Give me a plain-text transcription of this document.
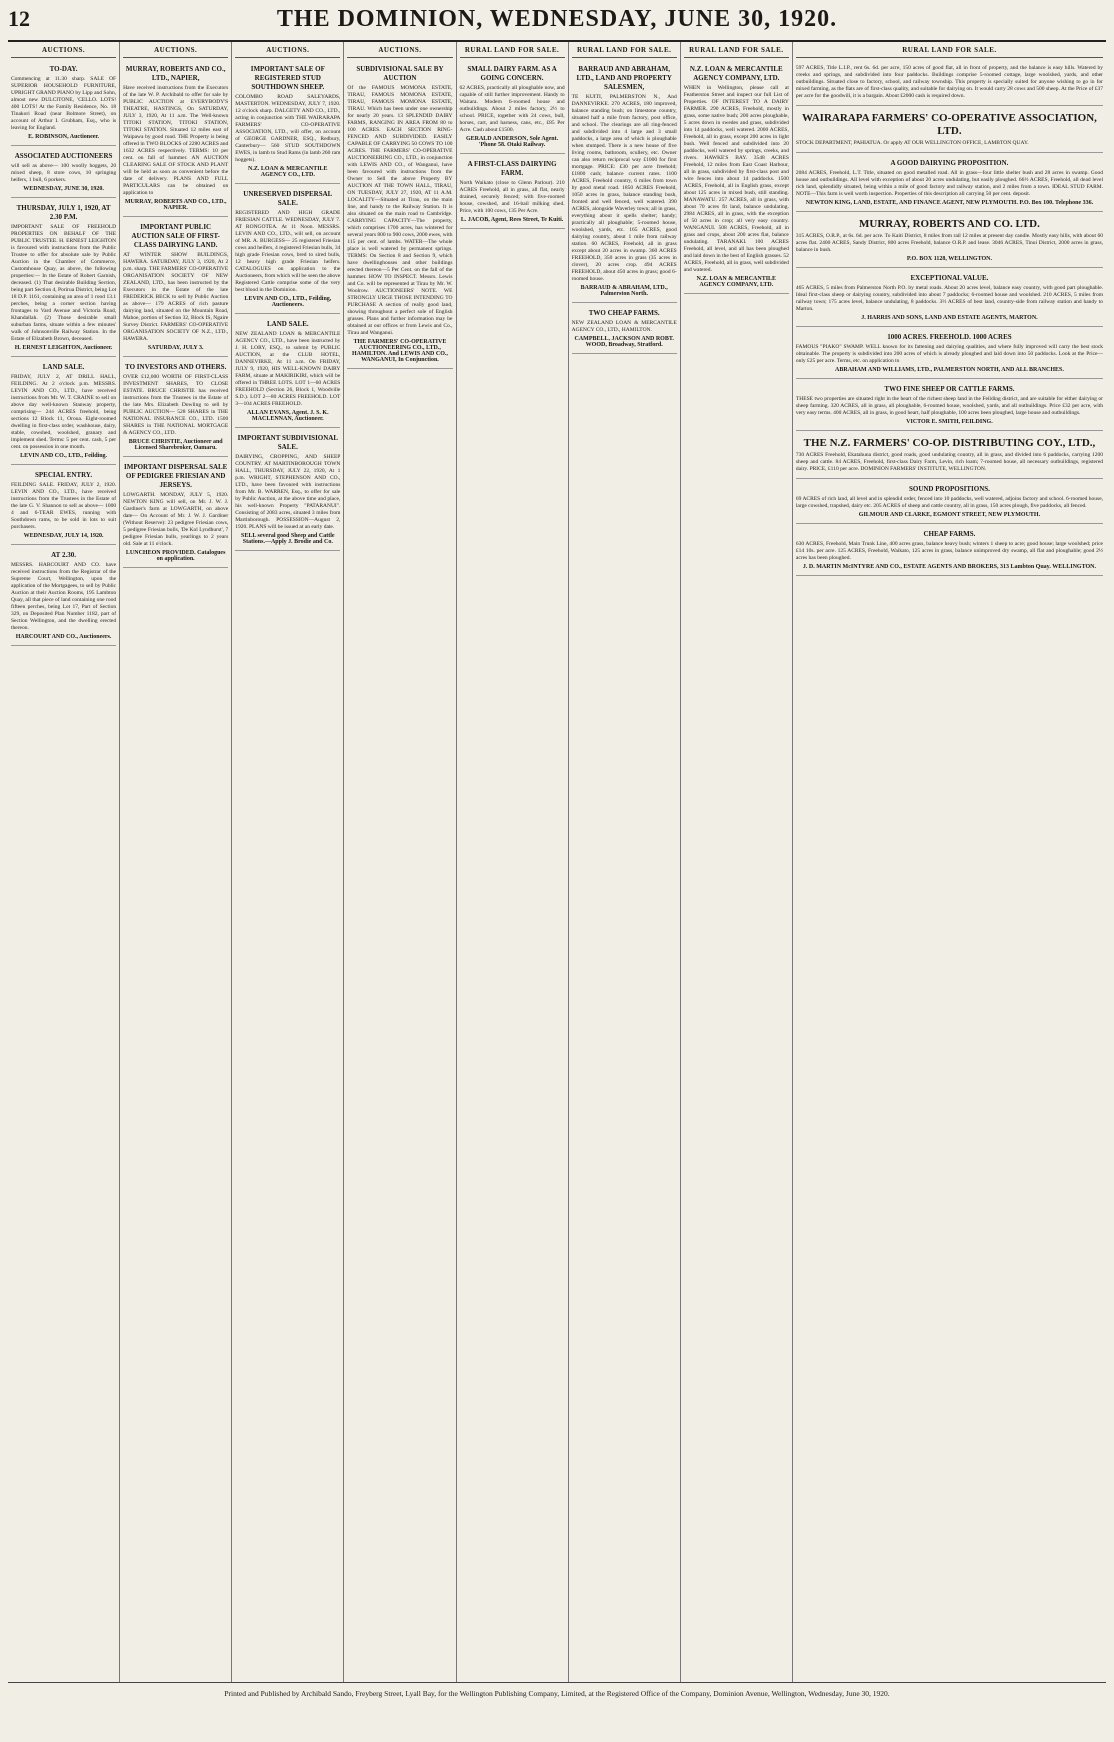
12	THE DOMINION, WEDNESDAY, JUNE 30, 1920.
AUCTIONS.
TO-DAY.
Commencing at 11.30 sharp. SALE OF SUPERIOR HOUSEHOLD FURNITURE, UPRIGHT GRAND PIANO by Lipp and Sohn, almost new DULCITONE, 'CELLO. LOTS! 400 LOTS! At the Family Residence, No. 18 Tinakori Road (near Bolmore Street), on account of Arthur I. Grubham, Esq., who is leaving for England.
E. ROBINSON, Auctioneer.
ASSOCIATED AUCTIONEERS
will sell as above— 100 woolly hoggets, 20 mixed sheep, 8 store cows, 10 springing heifers, 1 bull, 6 porkers.
WEDNESDAY, JUNE 30, 1920.
THURSDAY, JULY 1, 1920, AT 2.30 P.M.
IMPORTANT SALE OF FREEHOLD PROPERTIES ON BEHALF OF THE PUBLIC TRUSTEE. H. ERNEST LEIGHTON is favoured with instructions from the Public Trustee to offer for absolute sale by Public Auction in the Chamber of Commerce, Customhouse Quay, as above, the following properties:— In the Estate of Robert Garnish, deceased. (1) That desirable Building Section, being part Section 4, Porirua District, being Lot 18 D.P. 1161, containing an area of 1 rood 13.1 perches, being a corner section having frontages to Vard Avenue and Victoria Road, Khandallah. (2) Those desirable small suburban farms, situate within a few minutes' walk of Johnsonville Railway Station. In the Estate of Elizabeth Brown, deceased.
H. ERNEST LEIGHTON, Auctioneer.
LAND SALE.
FRIDAY, JULY 2, AT DRILL HALL, FEILDING. At 2 o'clock p.m. MESSRS. LEVIN AND CO., LTD., have received instructions from Mr. W. T. CRAINE to sell on above day well-known Stanway property, comprising— 244 ACRES freehold, being sections 12 Block 11, Oroua. Eight-roomed dwelling in first-class order, washhouse, dairy, stable, cowshed, woolshed, granary and implement shed. Terms: 5 per cent. cash, 5 per cent. on possession in one month.
LEVIN AND CO., LTD., Feilding.
SPECIAL ENTRY.
FEILDING SALE. FRIDAY, JULY 2, 1920. LEVIN AND CO., LTD., have received instructions from the Trustees in the Estate of the late G. V. Shannon to sell as above— 1000 4 and 6-TEAR EWES, running with Southdown rams, to be sold in lots to suit purchasers.
WEDNESDAY, JULY 14, 1920.
AT 2.30.
MESSRS. HARCOURT AND CO. have received instructions from the Registrar of the Supreme Court, Wellington, upon the application of the Mortgagees, to sell by Public Auction at their Auction Rooms, 195 Lambton Quay, all that piece of land containing one rood fifteen perches, being Lot 17, Part of Section 329, on Deposited Plan Number 1182, part of Section Wellington, and the dwelling erected thereon.
HARCOURT AND CO., Auctioneers.
AUCTIONS.
MURRAY, ROBERTS AND CO., LTD., NAPIER,
Have received instructions from the Executors of the late W. P. Archibald to offer for sale by PUBLIC AUCTION at EVERYBODY'S THEATRE, HASTINGS, On SATURDAY, JULY 3, 1920, At 11 a.m. The Well-known TITOKI STATION, TITOKI STATION, TITOKI STATION. Situated 12 miles east of Waipawa by good road. THE Property is being offered in TWO BLOCKS of 2280 ACRES and 1632 ACRES respectively. TERMS: 10 per cent. on fall of hammer. AN AUCTION CLEARING SALE OF STOCK AND PLANT will be held as soon as convenient before the date of delivery. PLANS AND FULL PARTICULARS can be obtained on application to
MURRAY, ROBERTS AND CO., LTD., NAPIER.
IMPORTANT PUBLIC AUCTION SALE OF FIRST-CLASS DAIRYING LAND.
AT WINTER SHOW BUILDINGS, HAWERA. SATURDAY, JULY 3, 1920, At 2 p.m. sharp. THE FARMERS' CO-OPERATIVE ORGANISATION SOCIETY OF NEW ZEALAND, LTD., has been instructed by the Executors in the Estate of the late FREDERICK BECK to sell by Public Auction as above— 179 ACRES of rich pasture dairying land, situated on the Mountain Road, Mahoe, portion of Section 32, Block IS, Ngaire Survey District. FARMERS' CO-OPERATIVE ORGANISATION SOCIETY OF N.Z., LTD., HAWERA.
SATURDAY, JULY 3.
TO INVESTORS AND OTHERS.
OVER £12,000 WORTH OF FIRST-CLASS INVESTMENT SHARES, TO CLOSE ESTATE. BRUCE CHRISTIE has received instructions from the Trustees in the Estate of the late Mrs. Elizabeth Dowling to sell by PUBLIC AUCTION— 528 SHARES in THE NATIONAL INSURANCE CO., LTD. 1500 SHARES in THE NATIONAL MORTGAGE & AGENCY CO., LTD.
BRUCE CHRISTIE, Auctioneer and Licensed Sharebroker, Oamaru.
IMPORTANT DISPERSAL SALE OF PEDIGREE FRIESIAN AND JERSEYS.
LOWGARTH. MONDAY, JULY 5, 1920. NEWTON KING will sell, on Mr. J. W. J. Gardiner's farm at LOWGARTH, on above date— On Account of Mr. J. W. J. Gardiner (Without Reserve): 23 pedigree Friesian cows, 5 pedigree Friesian bulls, 'De Kol Lyndhurst', 7 pedigree Friesian bulls, yearlings to 2 years old. Sale at 11 o'clock.
LUNCHEON PROVIDED. Catalogues on application.
AUCTIONS.
IMPORTANT SALE OF REGISTERED STUD SOUTHDOWN SHEEP.
COLOMBO ROAD SALEYARDS, MASTERTON. WEDNESDAY, JULY 7, 1920. 12 o'clock sharp. DALGETY AND CO., LTD., acting in conjunction with THE WAIRARAPA FARMERS' CO-OPERATIVE ASSOCIATION, LTD., will offer, on account of GEORGE GARDNER, ESQ., Redbury, Canterbury— 560 STUD SOUTHDOWN EWES, in lamb to Stud Rams (in lamb 260 ram hoggets).
N.Z. LOAN & MERCANTILE AGENCY CO., LTD.
UNRESERVED DISPERSAL SALE.
REGISTERED AND HIGH GRADE FRIESIAN CATTLE. WEDNESDAY, JULY 7. AT RONGOTEA. At 11 Noon. MESSRS. LEVIN AND CO., LTD., will sell, on account of MR. A. BURGESS— 25 registered Friesian cows and heifers, 4 registered Friesian bulls, 34 high grade Friesian cows, bred to sired bulls, 12 heavy high grade Friesian heifers. CATALOGUES on application to the Auctioneers, from which will be seen the above Registered Cattle comprise some of the very best blood in the Dominion.
LEVIN AND CO., LTD., Feilding, Auctioneers.
LAND SALE.
NEW ZEALAND LOAN & MERCANTILE AGENCY CO., LTD., have been instructed by J. H. LORY, ESQ., to submit by PUBLIC AUCTION, at the CLUB HOTEL, DANNEVIRKE, At 11 a.m. On FRIDAY, JULY 9, 1920, HIS WELL-KNOWN DAIRY FARM, situate at MAKIRIKIRI, which will be offered in THREE LOTS. LOT 1—60 ACRES FREEHOLD (Section 26, Block 1, Woodville S.D.). LOT 2—80 ACRES FREEHOLD. LOT 3—104 ACRES FREEHOLD.
ALLAN EVANS, Agent. J. S. K. MACLENNAN, Auctioneer.
IMPORTANT SUBDIVISIONAL SALE.
DAIRYING, CROPPING, AND SHEEP COUNTRY. AT MARTINBOROUGH TOWN HALL, THURSDAY, JULY 22, 1920, At 1 p.m. WRIGHT, STEPHENSON AND CO., LTD., have been favoured with instructions from Mr. B. WARREN, Esq., to offer for sale by Public Auction, at the above time and place, his well-known Property "PATARANUI". Consisting of 2083 acres, situated 3 miles from Martinborough. POSSESSION—August 2, 1920. PLANS will be issued at an early date.
SELL several good Sheep and Cattle Stations.—Apply J. Brodie and Co.
AUCTIONS.
SUBDIVISIONAL SALE BY AUCTION
Of the FAMOUS MOMONA ESTATE, TIRAU, FAMOUS MOMONA ESTATE, TIRAU, FAMOUS MOMONA ESTATE, TIRAU. Which has been under one ownership for nearly 20 years. 13 SPLENDID DAIRY FARMS, RANGING IN AREA FROM 80 to 100 ACRES. EACH SECTION RING-FENCED AND SUBDIVIDED. EASILY CAPABLE OF CARRYING 50 COWS TO 100 ACRES. THE FARMERS' CO-OPERATIVE AUCTIONEERING CO., LTD., in conjunction with LEWIS AND CO., of Wanganui, have been favoured with instructions from the Owner to Sell the above Property BY AUCTION AT THE TOWN HALL, TIRAU, ON TUESDAY, JULY 27, 1920, AT 11 A.M. LOCALITY—Situated at Tirau, on the main line, and handy to the Railway Station. It is also situated on the main road to Cambridge. CARRYING CAPACITY—The property, which comprises 1700 acres, has wintered for several years 800 to 900 cows, 2000 ewes, with 115 per cent. of lambs. WATER—The whole place is well watered by permanent springs. TERMS: On Section 8 and Section 9, which have dwellinghouses and other buildings erected thereon—5 Per Cent. on the fall of the hammer. HOW TO INSPECT. Messrs. Lewis and Co. will be represented at Tirau by Mr. W. Woolrow. AUCTIONEERS' NOTE. WE STRONGLY URGE THOSE INTENDING TO PURCHASE A section of really good land, showing throughout a perfect sole of English grasses. Plans and further information may be obtained at our offices or from Lewis and Co., Tirau and Wanganui.
THE FARMERS' CO-OPERATIVE AUCTIONEERING CO., LTD., HAMILTON. And LEWIS AND CO., WANGANUI, In Conjunction.
RURAL LAND FOR SALE.
SMALL DAIRY FARM. AS A GOING CONCERN.
62 ACRES, practically all ploughable now, and capable of still further improvement. Handy to Waitara. Modern 6-roomed house and outbuildings. About 2 miles factory, 2½ to school. PRICE, together with 24 cows, bull, horses, cart, and harness, cans, etc., £85 Per Acre. Cash about £1500.
GERALD ANDERSON, Sole Agent. 'Phone 58. Otaki Railway.
A FIRST-CLASS DAIRYING FARM.
North Waikato (close to Glenn Parlour). 210 ACRES Freehold, all in grass, all flat, nearly drained, securely fenced; with five-roomed house, cowshed, and 16-bail milking shed. Price, with 100 cows, 135 Per Acre.
L. JACOB, Agent, Rees Street, Te Kuiti.
RURAL LAND FOR SALE.
BARRAUD AND ABRAHAM, LTD., LAND AND PROPERTY SALESMEN,
TE KUITI, PALMERSTON N., And DANNEVIRKE. 270 ACRES, 180 improved, balance standing bush; on limestone country, situated half a mile from factory, post office, and school. The clearings are all ring-fenced and subdivided into 4 large and 3 small paddocks, a large area of which is ploughable when stumped. There is a new house of five living rooms, bathroom, scullery, etc. Owner can also return reciprocal way £1000 for first mortgage. PRICE: £30 per acre freehold; £1800 cash; balance current rates. 1100 ACRES, Freehold country, 6 miles from town by good metal road. 1850 ACRES Freehold, 1050 acres in grass, balance standing bush, fronted and well fenced, well watered. 390 ACRES, alongside Waverley town; all in grass, everything about it spells shelter; handy; practically all ploughable; 5-roomed house, woolshed, yards, etc. 165 ACRES, good dairying country, about 1 mile from railway station. 60 ACRES, Freehold, all in grass except about 20 acres in swamp. 360 ACRES FREEHOLD, 350 acres in grass (35 acres in clover), 20 acres crop. 494 ACRES FREEHOLD, about 450 acres in grass; good 6-roomed house.
BARRAUD & ABRAHAM, LTD., Palmerston North.
TWO CHEAP FARMS.
NEW ZEALAND LOAN & MERCANTILE AGENCY CO., LTD., HAMILTON.
CAMPBELL, JACKSON AND ROBT. WOOD, Broadway, Stratford.
RURAL LAND FOR SALE.
N.Z. LOAN & MERCANTILE AGENCY COMPANY, LTD.
WHEN in Wellington, please call at Featherston Street and inspect our full List of Properties. OF INTEREST TO A DAIRY FARMER. 290 ACRES, Freehold, mostly in grass, some native bush; 200 acres ploughable, 5 acres down in swedes and grass, subdivided into 14 paddocks, well watered. 2000 ACRES, Freehold, all in grass, except 200 acres in light bush. Well fenced and subdivided into 20 paddocks, well watered by springs, creeks, and rivers. HAWKE'S BAY. 3548 ACRES Freehold, 12 miles from East Coast Harbour, all in grass, subdivided by first-class post and wire fences into about 14 paddocks. 1500 ACRES, Freehold, all in English grass, except about 125 acres in mixed bush, still standing. MANAWATU. 257 ACRES, all in grass, with about 70 acres fit land, balance undulating. 2984 ACRES, all in grass, with the exception of 50 acres in crop; all very easy country. WANGANUI. 508 ACRES, Freehold, all in grass and crops, about 200 acres flat, balance undulating. TARANAKI. 100 ACRES Freehold, all level, and all has been ploughed and laid down in the best of English grasses. 52 ACRES, Freehold, all in grass, well subdivided and watered.
N.Z. LOAN & MERCANTILE AGENCY COMPANY, LTD.
RURAL LAND FOR SALE.
597 ACRES, Title L.I.P., rent 6s. 6d. per acre, 150 acres of good flat, all in front of property, and the balance is easy hills. Watered by creeks and springs, and subdivided into four paddocks. Buildings comprise 5-roomed cottage, large woolshed, yards, and other outbuildings. Situated close to factory, school, and railway township. This property is specially suited for anyone wishing to go in for mixed farming, as the flats are of first-class quality, and suitable for dairying on. It would carry 28 cows and 500 sheep. At the Price of £37 per acre for the goodwill, it is a bargain. About £2000 cash is required down.
WAIRARAPA FARMERS' CO-OPERATIVE ASSOCIATION, LTD.
STOCK DEPARTMENT, PAHIATUA. Or apply AT OUR WELLINGTON OFFICE, LAMBTON QUAY.
A GOOD DAIRYING PROPOSITION.
2084 ACRES, Freehold, L.T. Title, situated on good metalled road. All in grass—four little shelter bush and 28 acres in swamp. Good house and outbuildings. All level with exception of about 20 acres undulating, but easily ploughed. 66½ ACRES, Freehold, all dead level rich land, splendidly situated, being within a mile of good factory and railway station, and 2 miles from a town. IDEAL STUD FARM. NOTE—This farm is well worth inspection. Properties of this description all carrying 50 per cent. deposit.
NEWTON KING, LAND, ESTATE, AND FINANCE AGENT, NEW PLYMOUTH. P.O. Box 100. Telephone 336.
MURRAY, ROBERTS AND CO. LTD.
315 ACRES, O.R.P., at 6s. 6d. per acre. To Kaiti District, 8 miles from rail 12 miles at present day candle. Mostly easy hills, with about 60 acres flat. 2400 ACRES, Sandy District, 800 acres Freehold, balance O.R.P. and lease. 3046 ACRES, Tinui District, 2000 acres in grass, balance in bush.
P.O. BOX 1128, WELLINGTON.
EXCEPTIONAL VALUE.
465 ACRES, 5 miles from Palmerston North P.O. by metal roads. About 20 acres level, balance easy country, with good part ploughable. Ideal first-class sheep or dairying country, subdivided into about 7 paddocks; 6-roomed house and woolshed. 210 ACRES, 5 miles from railway town; 175 acres level, balance undulating, 8 paddocks. 3½ ACRES of best land, country-side from railway station and handy to Marton.
J. HARRIS AND SONS, LAND AND ESTATE AGENTS, MARTON.
1000 ACRES. FREEHOLD. 1000 ACRES
FAMOUS "PIAKO" SWAMP. WELL known for its fattening and dairying qualities, and where fully improved will carry the best stock obtainable. The property is subdivided into 200 acres of which is already ploughed and laid down into 50 paddocks. Look at the Price—only £25 per acre. Terms, etc. on application to
ABRAHAM AND WILLIAMS, LTD., PALMERSTON NORTH, AND ALL BRANCHES.
TWO FINE SHEEP OR CATTLE FARMS.
THESE two properties are situated right in the heart of the richest sheep land in the Feilding district, and are suitable for either dairying or sheep farming. 320 ACRES, all in grass, all ploughable, 6-roomed house, woolshed, yards, and all outbuildings. Price £32 per acre, with very easy terms. 400 ACRES, all in grass, in good heart, half ploughable, 100 acres been ploughed, large house and outbuildings.
VICTOR E. SMITH, FEILDING.
THE N.Z. FARMERS' CO-OP. DISTRIBUTING COY., LTD.,
730 ACRES Freehold, Ekatahuna district, good roads, good undulating country, all in grass, and divided into 6 paddocks, carrying 1200 sheep and cattle. 84 ACRES, Freehold, first-class Dairy Farm, Levin, rich loam; 7-roomed house, all necessary outbuildings, registered dairy. PRICE, £110 per acre. DOMINION FARMERS' INSTITUTE, WELLINGTON.
SOUND PROPOSITIONS.
69 ACRES of rich land, all level and in splendid order, fenced into 10 paddocks, well watered, adjoins factory and school. 6-roomed house, large cowshed, trapshed, dairy etc. 205 ACRES of sheep and cattle country, all in grass, 150 acres plough, five paddocks, all fenced.
GILMOUR AND CLARKE, EGMONT STREET, NEW PLYMOUTH.
CHEAP FARMS.
630 ACRES, Freehold, Main Trunk Line, 400 acres grass, balance heavy bush; winters 1 sheep to acre; good house; large woolshed; price £14 10s. per acre. 125 ACRES, Freehold, Waikato, 125 acres in grass, balance unimproved dry swamp, all flat and ploughable; good 2½ acres has been ploughed.
J. D. MARTIN McINTYRE AND CO., ESTATE AGENTS AND BROKERS, 313 Lambton Quay. WELLINGTON.
Printed and Published by Archibald Sando, Freyberg Street, Lyall Bay, for the Wellington Publishing Company, Limited, at the Registered Office of the Company, Dominion Avenue, Wellington, Wednesday, June 30, 1920.
